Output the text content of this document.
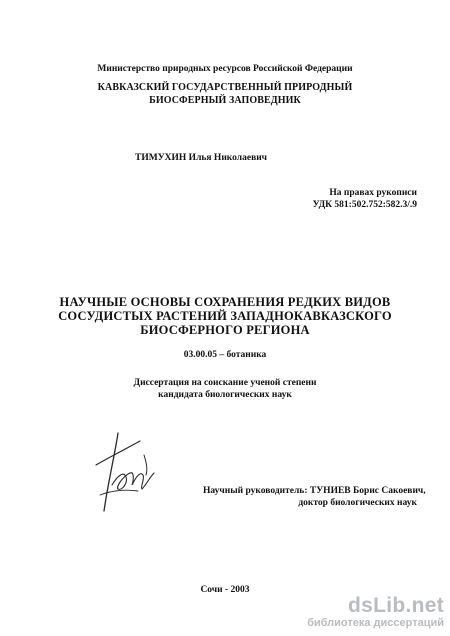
Министерство природных ресурсов Российской Федерации
КАВКАЗСКИЙ ГОСУДАРСТВЕННЫЙ ПРИРОДНЫЙ
БИОСФЕРНЫЙ ЗАПОВЕДНИК
ТИМУХИН Илья Николаевич
На правах рукописи
УДК 581:502.752:582.3/.9
НАУЧНЫЕ ОСНОВЫ СОХРАНЕНИЯ РЕДКИХ ВИДОВ
СОСУДИСТЫХ РАСТЕНИЙ ЗАПАДНОКАВКАЗСКОГО
БИОСФЕРНОГО РЕГИОНА
03.00.05 – ботаника
Диссертация на соискание ученой степени
кандидата биологических наук
Научный руководитель: ТУНИЕВ Борис Сакоевич,
доктор биологических наук
Сочи - 2003
dsLib.net
библиотека диссертаций
